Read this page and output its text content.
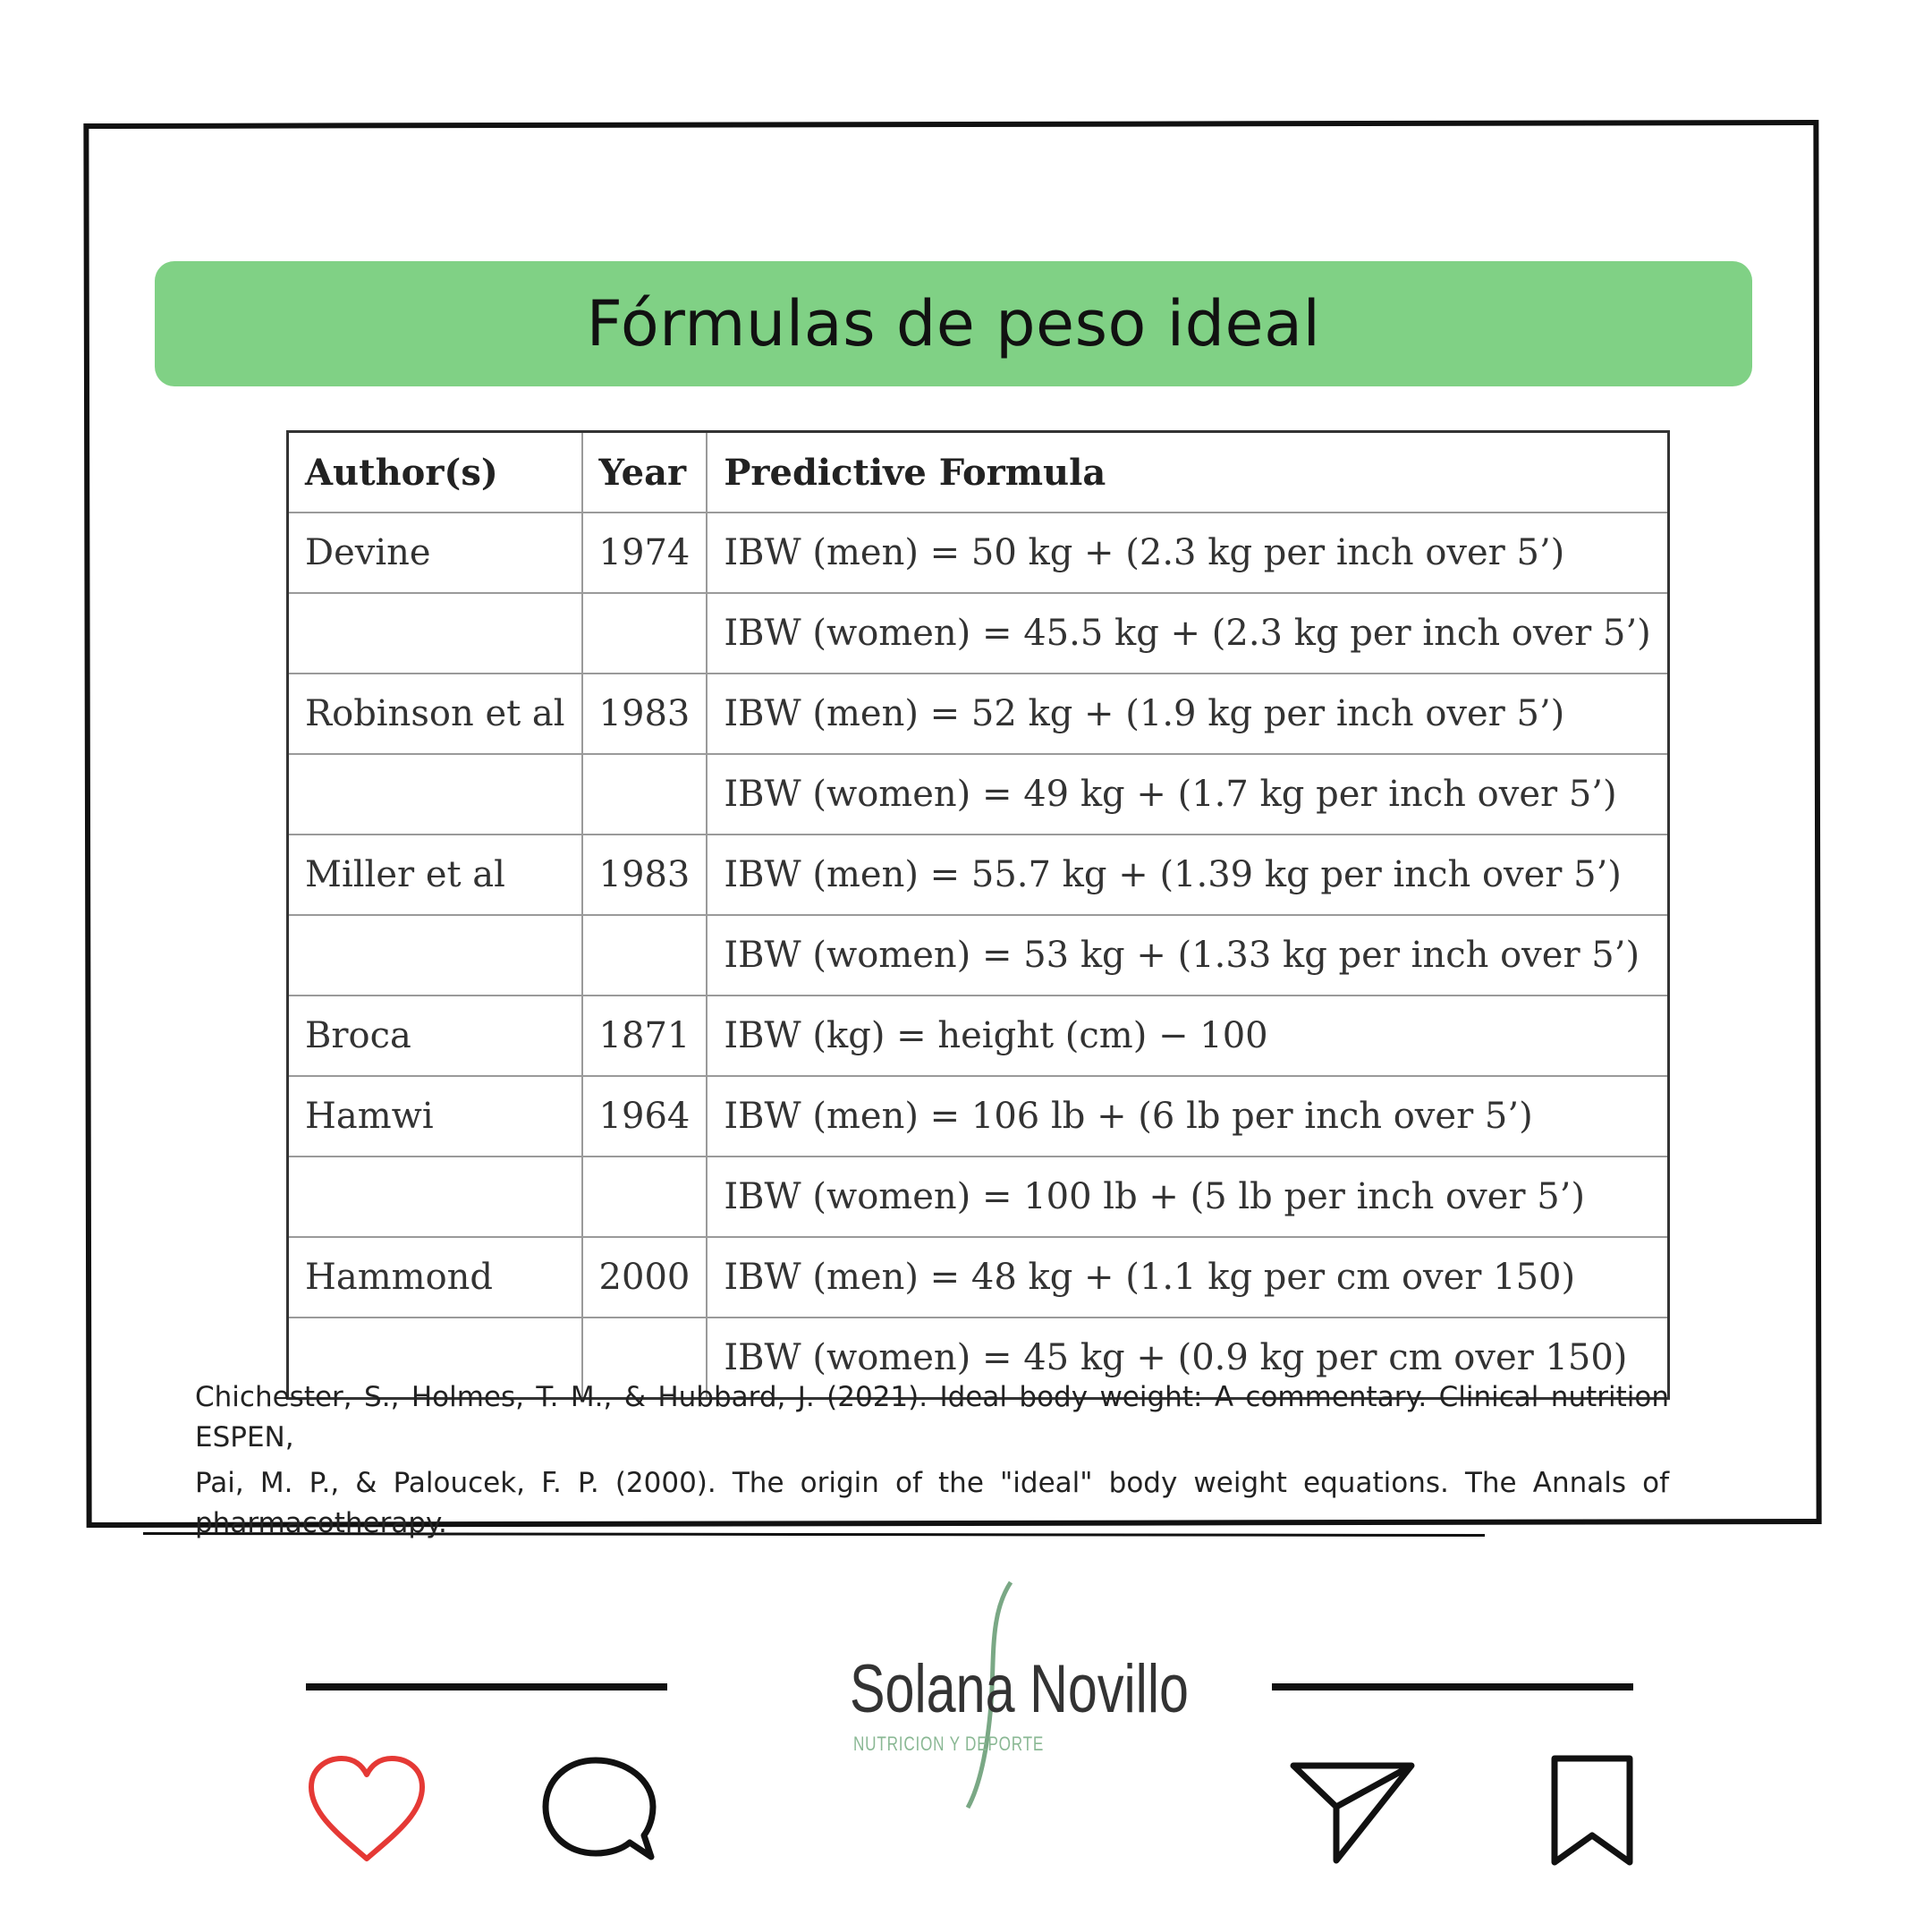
Fórmulas de peso ideal
Author(s)	Year	Predictive Formula
Devine	1974	IBW (men) = 50 kg + (2.3 kg per inch over 5’)
		IBW (women) = 45.5 kg + (2.3 kg per inch over 5’)
Robinson et al	1983	IBW (men) = 52 kg + (1.9 kg per inch over 5’)
		IBW (women) = 49 kg + (1.7 kg per inch over 5’)
Miller et al	1983	IBW (men) = 55.7 kg + (1.39 kg per inch over 5’)
		IBW (women) = 53 kg + (1.33 kg per inch over 5’)
Broca	1871	IBW (kg) = height (cm) − 100
Hamwi	1964	IBW (men) = 106 lb + (6 lb per inch over 5’)
		IBW (women) = 100 lb + (5 lb per inch over 5’)
Hammond	2000	IBW (men) = 48 kg + (1.1 kg per cm over 150)
		IBW (women) = 45 kg + (0.9 kg per cm over 150)

Chichester, S., Holmes, T. M., & Hubbard, J. (2021). Ideal body weight: A commentary. Clinical nutrition ESPEN,

Pai, M. P., & Paloucek, F. P. (2000). The origin of the "ideal" body weight equations. The Annals of pharmacotherapy.

Solana Novillo
NUTRICION Y DEPORTE
